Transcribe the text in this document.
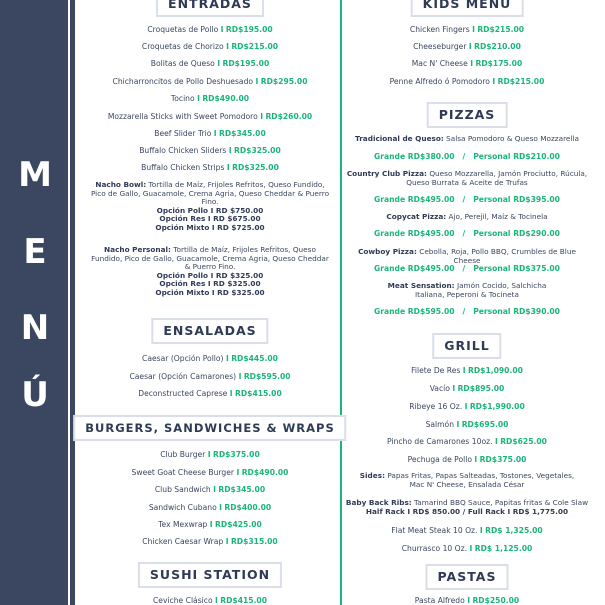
M
E
N
Ú
ENTRADAS
Croquetas de Pollo I RD$195.00
Croquetas de Chorizo I RD$215.00
Bolitas de Queso I RD$195.00
Chicharroncitos de Pollo Deshuesado I RD$295.00
Tocino I RD$490.00
Mozzarella Sticks with Sweet Pomodoro I RD$260.00
Beef Slider Trio I RD$345.00
Buffalo Chicken Sliders I RD$325.00
Buffalo Chicken Strips I RD$325.00
Nacho Bowl: Tortilla de Maíz, Frijoles Refritos, Queso Fundido, Pico de Gallo, Guacamole, Crema Agria, Queso Cheddar & Puerro Fino.
Opción Pollo I RD $750.00
Opción Res I RD $675.00
Opción Mixto I RD $725.00
Nacho Personal: Tortilla de Maíz, Frijoles Refritos, Queso Fundido, Pico de Gallo, Guacamole, Crema Agria, Queso Cheddar & Puerro Fino.
Opción Pollo I RD $325.00
Opción Res I RD $325.00
Opción Mixto I RD $325.00
ENSALADAS
Caesar (Opción Pollo) I RD$445.00
Caesar (Opción Camarones) I RD$595.00
Deconstructed Caprese I RD$415.00
BURGERS, SANDWICHES & WRAPS
Club Burger I RD$375.00
Sweet Goat Cheese Burger I RD$490.00
Club Sandwich I RD$345.00
Sandwich Cubano I RD$400.00
Tex Mexwrap I RD$425.00
Chicken Caesar Wrap I RD$315.00
SUSHI STATION
Ceviche Clásico I RD$415.00
KIDS MENU
Chicken Fingers I RD$215.00
Cheeseburger I RD$210.00
Mac N' Cheese I RD$175.00
Penne Alfredo ó Pomodoro I RD$215.00
PIZZAS
Tradicional de Queso: Salsa Pomodoro & Queso Mozzarella
Grande RD$380.00 / Personal RD$210.00
Country Club Pizza: Queso Mozzarella, Jamón Prociutto, Rúcula, Queso Burrata & Aceite de Trufas
Grande RD$495.00 / Personal RD$395.00
Copycat Pizza: Ajo, Perejil, Maíz & Tocinela
Grande RD$495.00 / Personal RD$290.00
Cowboy Pizza: Cebolla, Roja, Pollo BBQ, Crumbles de Blue Cheese
Grande RD$495.00 / Personal RD$375.00
Meat Sensation: Jamón Cocido, Salchicha Italiana, Peperoni & Tocineta
Grande RD$595.00 / Personal RD$390.00
GRILL
Filete De Res I RD$1,090.00
Vacío I RD$895.00
Ribeye 16 Oz. I RD$1,990.00
Salmón I RD$695.00
Pincho de Camarones 10oz. I RD$625.00
Pechuga de Pollo I RD$375.00
Sides: Papas Fritas, Papas Salteadas, Tostones, Vegetales, Mac N' Cheese, Ensalada César
Baby Back Ribs: Tamarind BBQ Sauce, Papitas fritas & Cole Slaw
Half Rack I RD$ 850.00 / Full Rack I RD$ 1,775.00
Flat Meat Steak 10 Oz. I RD$ 1,325.00
Churrasco 10 Oz. I RD$ 1,125.00
PASTAS
Pasta Alfredo I RD$250.00
